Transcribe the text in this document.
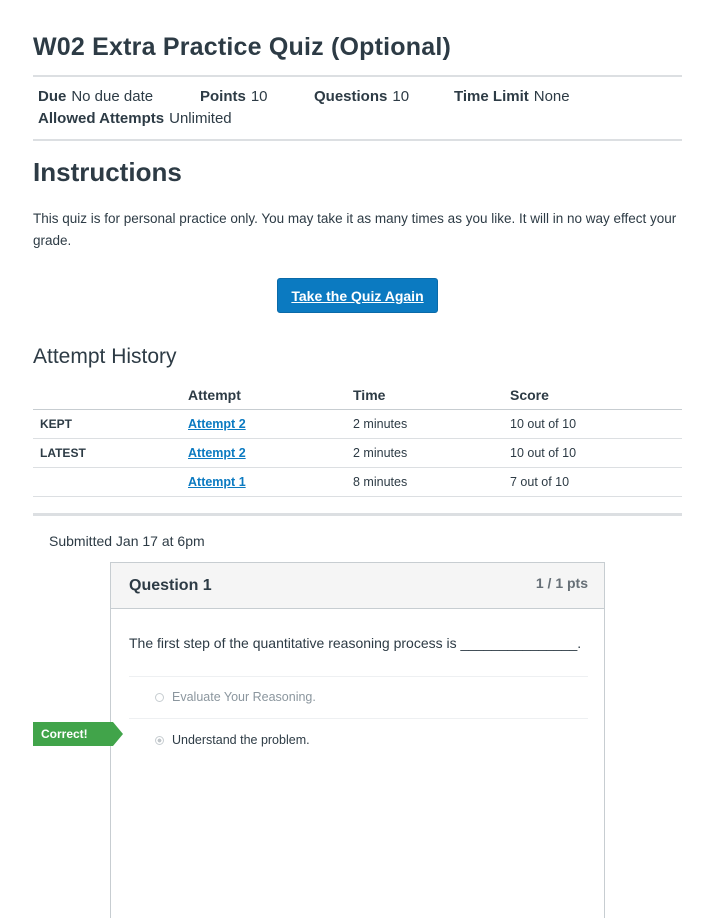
W02 Extra Practice Quiz (Optional)
Due No due date	Points 10	Questions 10	Time Limit None
Allowed Attempts Unlimited
Instructions
This quiz is for personal practice only. You may take it as many times as you like. It will in no way effect your grade.
Take the Quiz Again
Attempt History
	Attempt	Time	Score
KEPT	Attempt 2	2 minutes	10 out of 10
LATEST	Attempt 2	2 minutes	10 out of 10
	Attempt 1	8 minutes	7 out of 10

Submitted Jan 17 at 6pm
Question 1	1 / 1 pts
The first step of the quantitative reasoning process is _______________.
Evaluate Your Reasoning.
Understand the problem.
Correct!
